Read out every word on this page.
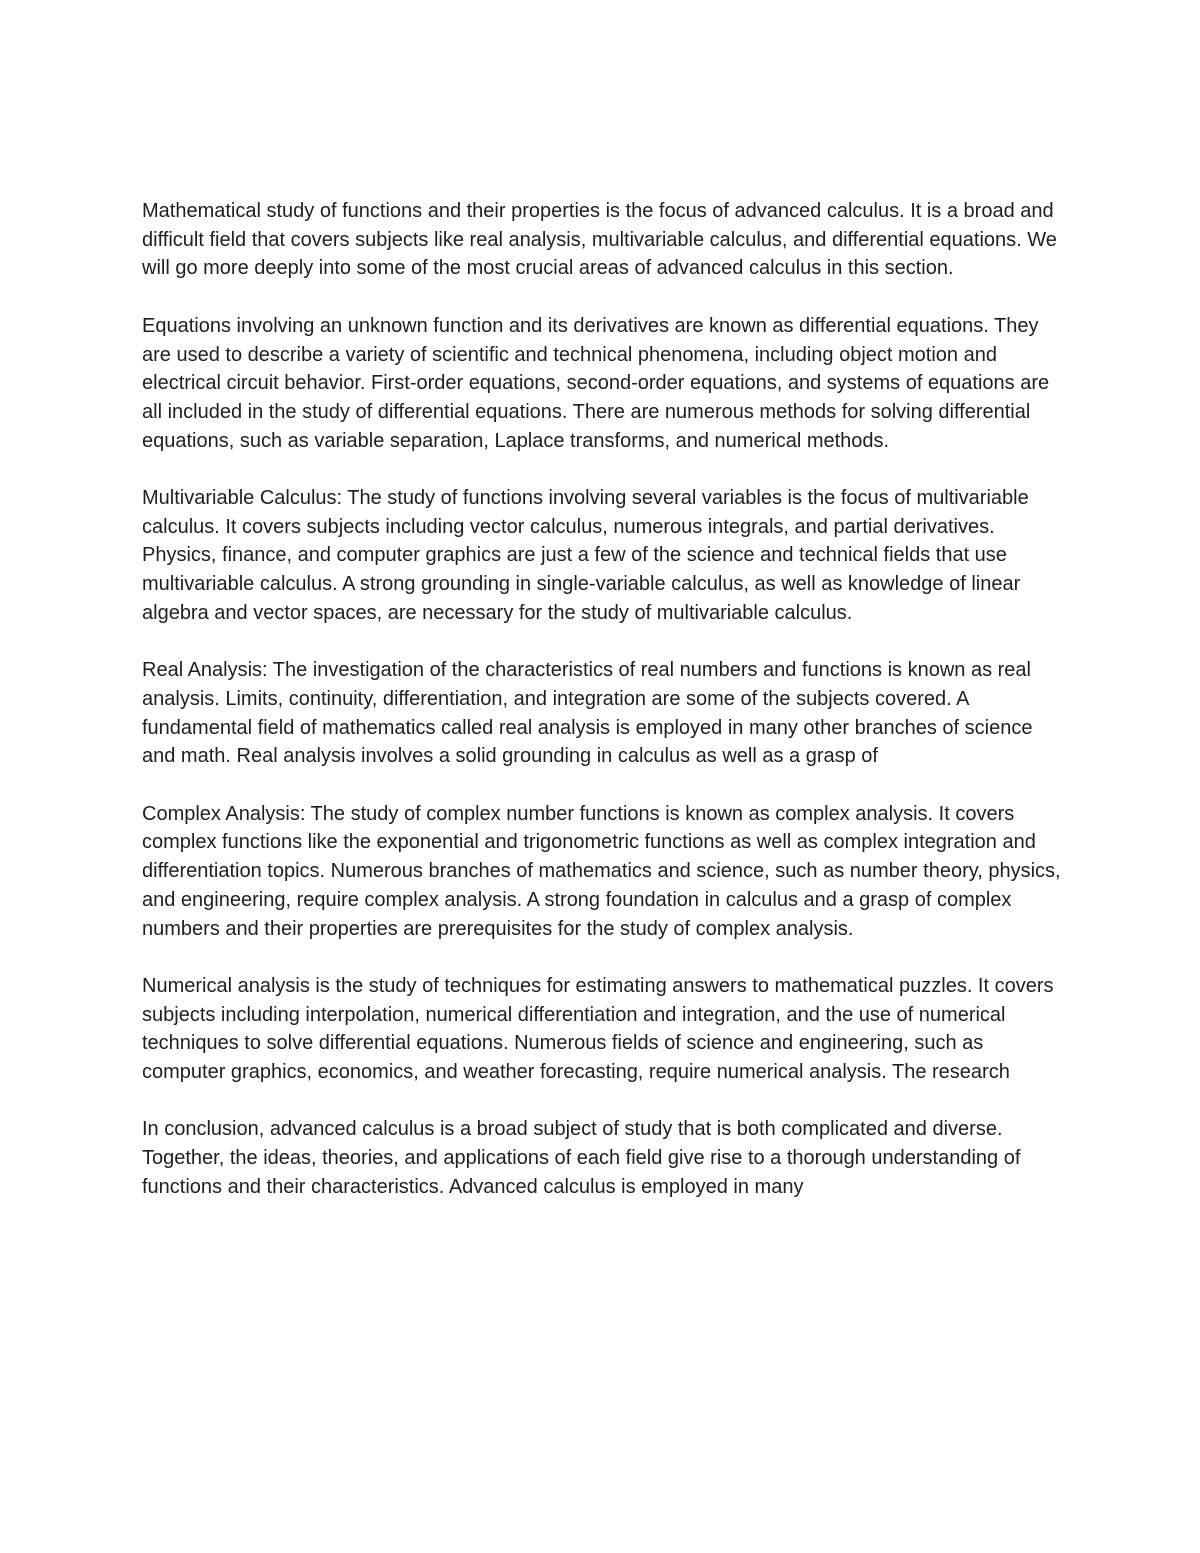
Mathematical study of functions and their properties is the focus of advanced calculus. It is a broad and difficult field that covers subjects like real analysis, multivariable calculus, and differential equations. We will go more deeply into some of the most crucial areas of advanced calculus in this section.

Equations involving an unknown function and its derivatives are known as differential equations. They are used to describe a variety of scientific and technical phenomena, including object motion and electrical circuit behavior. First-order equations, second-order equations, and systems of equations are all included in the study of differential equations. There are numerous methods for solving differential equations, such as variable separation, Laplace transforms, and numerical methods.

Multivariable Calculus: The study of functions involving several variables is the focus of multivariable calculus. It covers subjects including vector calculus, numerous integrals, and partial derivatives. Physics, finance, and computer graphics are just a few of the science and technical fields that use multivariable calculus. A strong grounding in single-variable calculus, as well as knowledge of linear algebra and vector spaces, are necessary for the study of multivariable calculus.

Real Analysis: The investigation of the characteristics of real numbers and functions is known as real analysis. Limits, continuity, differentiation, and integration are some of the subjects covered. A fundamental field of mathematics called real analysis is employed in many other branches of science and math. Real analysis involves a solid grounding in calculus as well as a grasp of

Complex Analysis: The study of complex number functions is known as complex analysis. It covers complex functions like the exponential and trigonometric functions as well as complex integration and differentiation topics. Numerous branches of mathematics and science, such as number theory, physics, and engineering, require complex analysis. A strong foundation in calculus and a grasp of complex numbers and their properties are prerequisites for the study of complex analysis.

Numerical analysis is the study of techniques for estimating answers to mathematical puzzles. It covers subjects including interpolation, numerical differentiation and integration, and the use of numerical techniques to solve differential equations. Numerous fields of science and engineering, such as computer graphics, economics, and weather forecasting, require numerical analysis. The research

In conclusion, advanced calculus is a broad subject of study that is both complicated and diverse. Together, the ideas, theories, and applications of each field give rise to a thorough understanding of functions and their characteristics. Advanced calculus is employed in many
